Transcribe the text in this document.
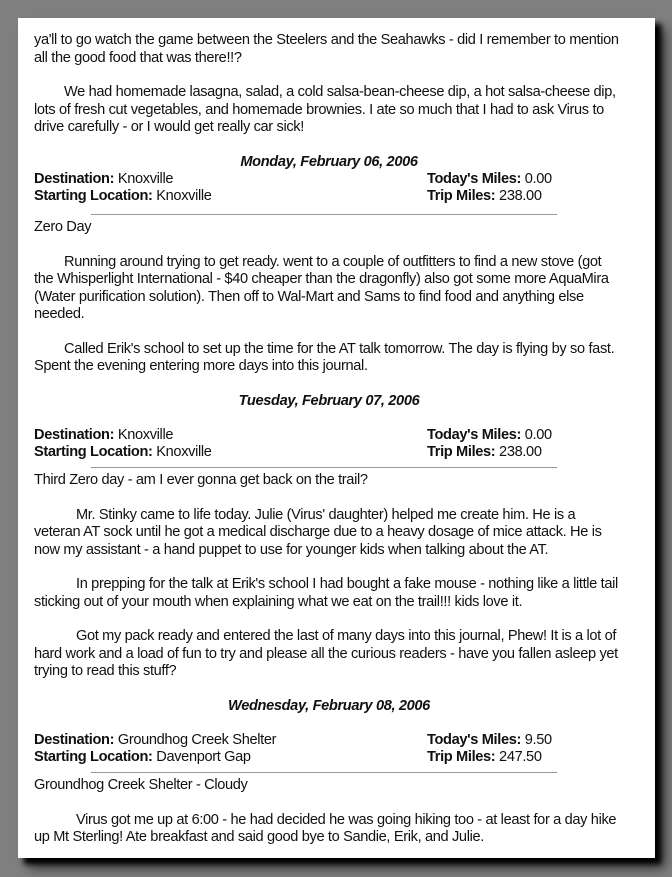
ya'll to go watch the game between the Steelers and the Seahawks - did I remember to mention all the good food that was there!!?

We had homemade lasagna, salad, a cold salsa-bean-cheese dip, a hot salsa-cheese dip, lots of fresh cut vegetables, and homemade brownies. I ate so much that I had to ask Virus to drive carefully - or I would get really car sick!

Monday, February 06, 2006

Destination: Knoxville	Today's Miles: 0.00
Starting Location: Knoxville	Trip Miles: 238.00

Zero Day

Running around trying to get ready. went to a couple of outfitters to find a new stove (got the Whisperlight International - $40 cheaper than the dragonfly) also got some more AquaMira (Water purification solution). Then off to Wal-Mart and Sams to find food and anything else needed.

Called Erik's school to set up the time for the AT talk tomorrow. The day is flying by so fast. Spent the evening entering more days into this journal.

Tuesday, February 07, 2006

Destination: Knoxville	Today's Miles: 0.00
Starting Location: Knoxville	Trip Miles: 238.00

Third Zero day - am I ever gonna get back on the trail?

Mr. Stinky came to life today. Julie (Virus' daughter) helped me create him. He is a veteran AT sock until he got a medical discharge due to a heavy dosage of mice attack. He is now my assistant - a hand puppet to use for younger kids when talking about the AT.

In prepping for the talk at Erik's school I had bought a fake mouse - nothing like a little tail sticking out of your mouth when explaining what we eat on the trail!!! kids love it.

Got my pack ready and entered the last of many days into this journal, Phew! It is a lot of hard work and a load of fun to try and please all the curious readers - have you fallen asleep yet trying to read this stuff?

Wednesday, February 08, 2006

Destination: Groundhog Creek Shelter	Today's Miles: 9.50
Starting Location: Davenport Gap	Trip Miles: 247.50

Groundhog Creek Shelter - Cloudy

Virus got me up at 6:00 - he had decided he was going hiking too - at least for a day hike up Mt Sterling! Ate breakfast and said good bye to Sandie, Erik, and Julie.
